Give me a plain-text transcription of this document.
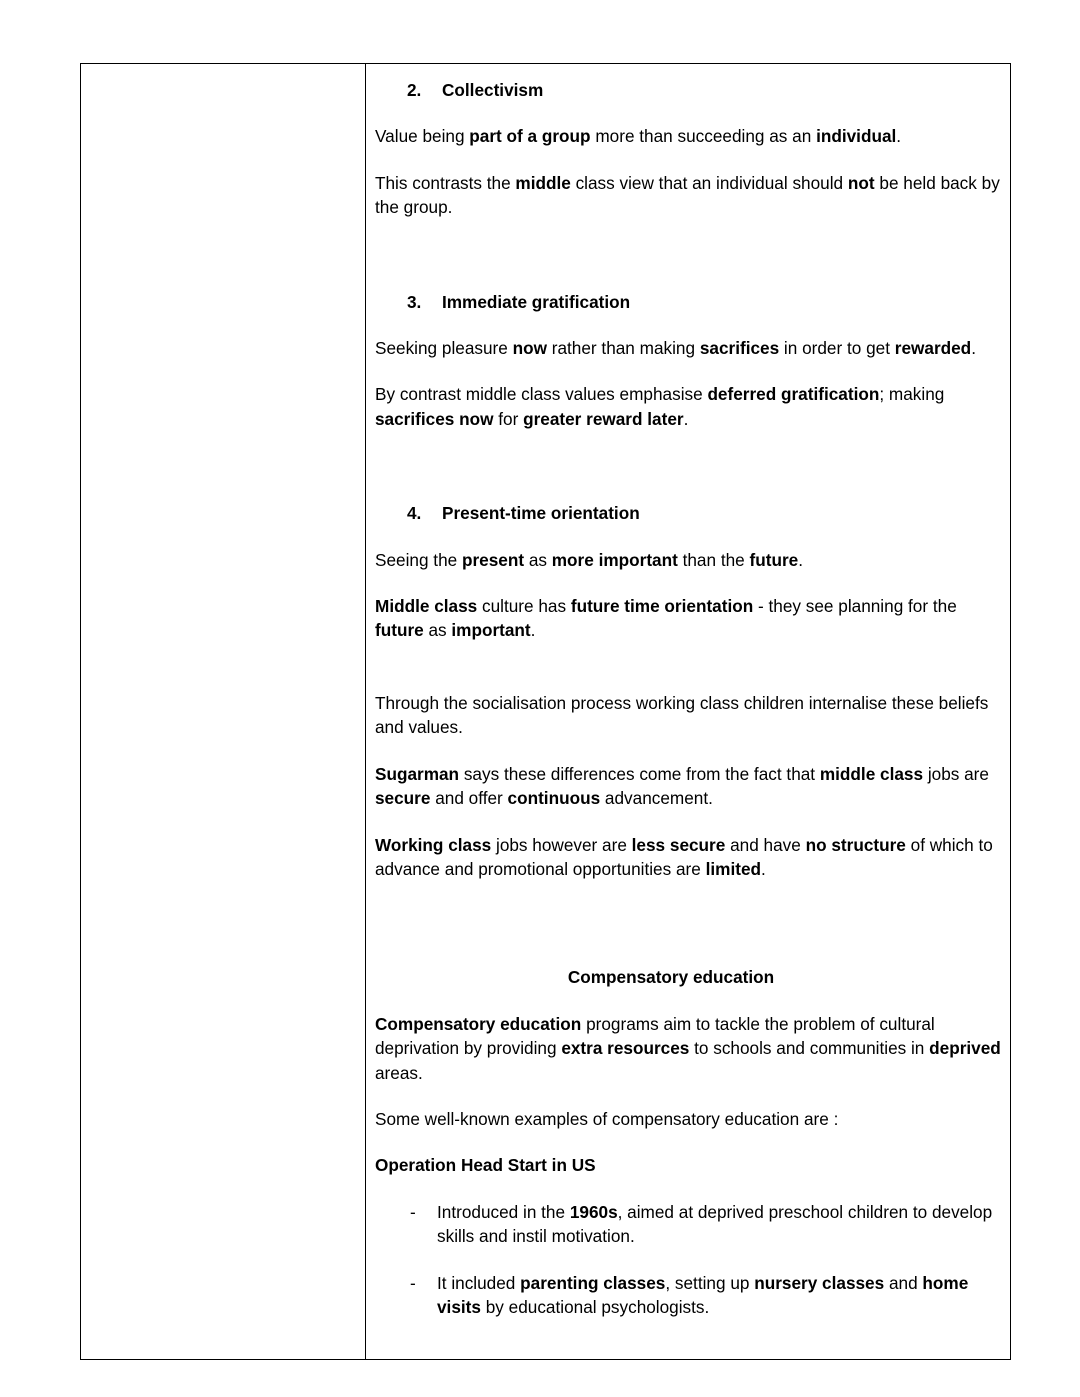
2.	Collectivism

Value being part of a group more than succeeding as an individual.

This contrasts the middle class view that an individual should not be held back by the group.

3.	Immediate gratification

Seeking pleasure now rather than making sacrifices in order to get rewarded.

By contrast middle class values emphasise deferred gratification; making sacrifices now for greater reward later.

4.	Present-time orientation

Seeing the present as more important than the future.

Middle class culture has future time orientation - they see planning for the future as important.

Through the socialisation process working class children internalise these beliefs and values.

Sugarman says these differences come from the fact that middle class jobs are secure and offer continuous advancement.

Working class jobs however are less secure and have no structure of which to advance and promotional opportunities are limited.

Compensatory education

Compensatory education programs aim to tackle the problem of cultural deprivation by providing extra resources to schools and communities in deprived areas.

Some well-known examples of compensatory education are :

Operation Head Start in US
-	Introduced in the 1960s, aimed at deprived preschool children to develop skills and instil motivation.
-	It included parenting classes, setting up nursery classes and home visits by educational psychologists.
